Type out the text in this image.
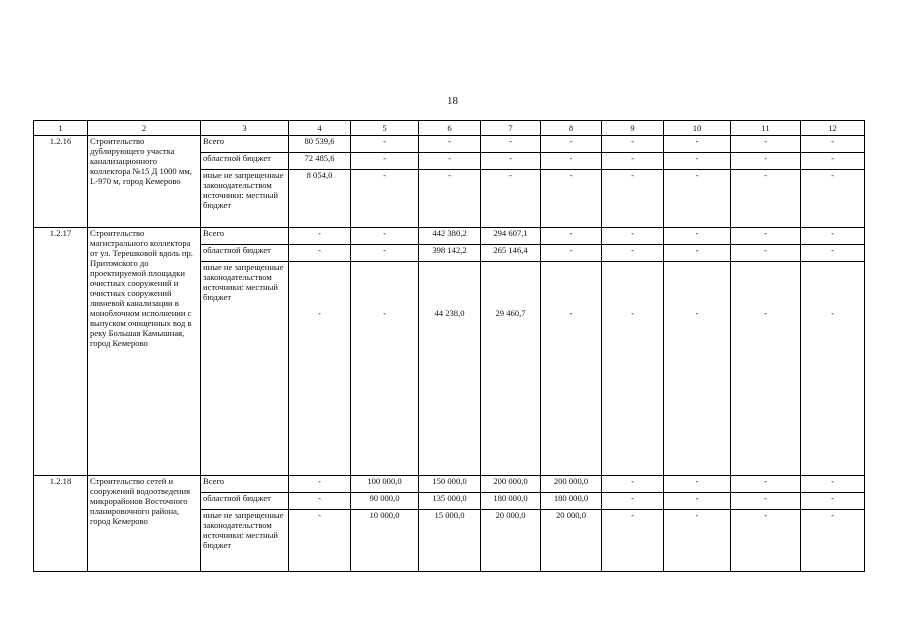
18
1	2	3	4	5	6	7	8	9	10	11	12
1.2.16	Строительство дублирующего участка канализационного коллектора №15 Д 1000 мм, L-970 м, город Кемерово	Всего	80 539,6	-	-	-	-	-	-	-	-
		областной бюджет	72 485,6	-	-	-	-	-	-	-	-
		иные не запрещенные законодательством источники: местный бюджет	8 054,0	-	-	-	-	-	-	-	-
1.2.17	Строительство магистрального коллектора от ул. Терешковой вдоль пр. Притомского до проектируемой площадки очистных сооружений и очистных сооружений ливневой канализации в моноблочном исполнении с выпуском очищенных вод в реку Большая Камышная, город Кемерово	Всего	-	-	442 380,2	294 607,1	-	-	-	-	-
		областной бюджет	-	-	398 142,2	265 146,4	-	-	-	-	-
		иные не запрещенные законодательством источники: местный бюджет	-	-	44 238,0	29 460,7	-	-	-	-	-
1.2.18	Строительство сетей и сооружений водоотведения микрорайонов Восточного планировочного района, город Кемерово	Всего	-	100 000,0	150 000,0	200 000,0	200 000,0	-	-	-	-
		областной бюджет	-	90 000,0	135 000,0	180 000,0	180 000,0	-	-	-	-
		иные не запрещенные законодательством источники: местный бюджет	-	10 000,0	15 000,0	20 000,0	20 000,0	-	-	-	-
